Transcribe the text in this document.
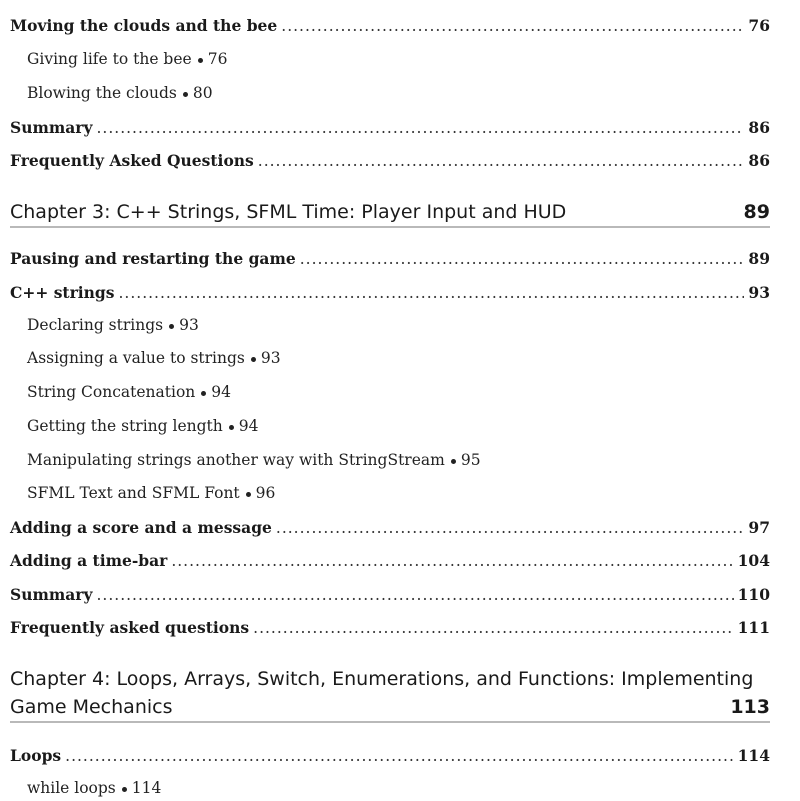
Moving the clouds and the bee .....	76
Giving life to the bee 76
Blowing the clouds 80
Summary .....	86
Frequently Asked Questions .....	86
Chapter 3: C++ Strings, SFML Time: Player Input and HUD	89
Pausing and restarting the game .....	89
C++ strings .....	93
Declaring strings 93
Assigning a value to strings 93
String Concatenation 94
Getting the string length 94
Manipulating strings another way with StringStream 95
SFML Text and SFML Font 96
Adding a score and a message .....	97
Adding a time-bar .....	104
Summary .....	110
Frequently asked questions .....	111
Chapter 4: Loops, Arrays, Switch, Enumerations, and Functions: Implementing
Game Mechanics	113
Loops .....	114
while loops 114
